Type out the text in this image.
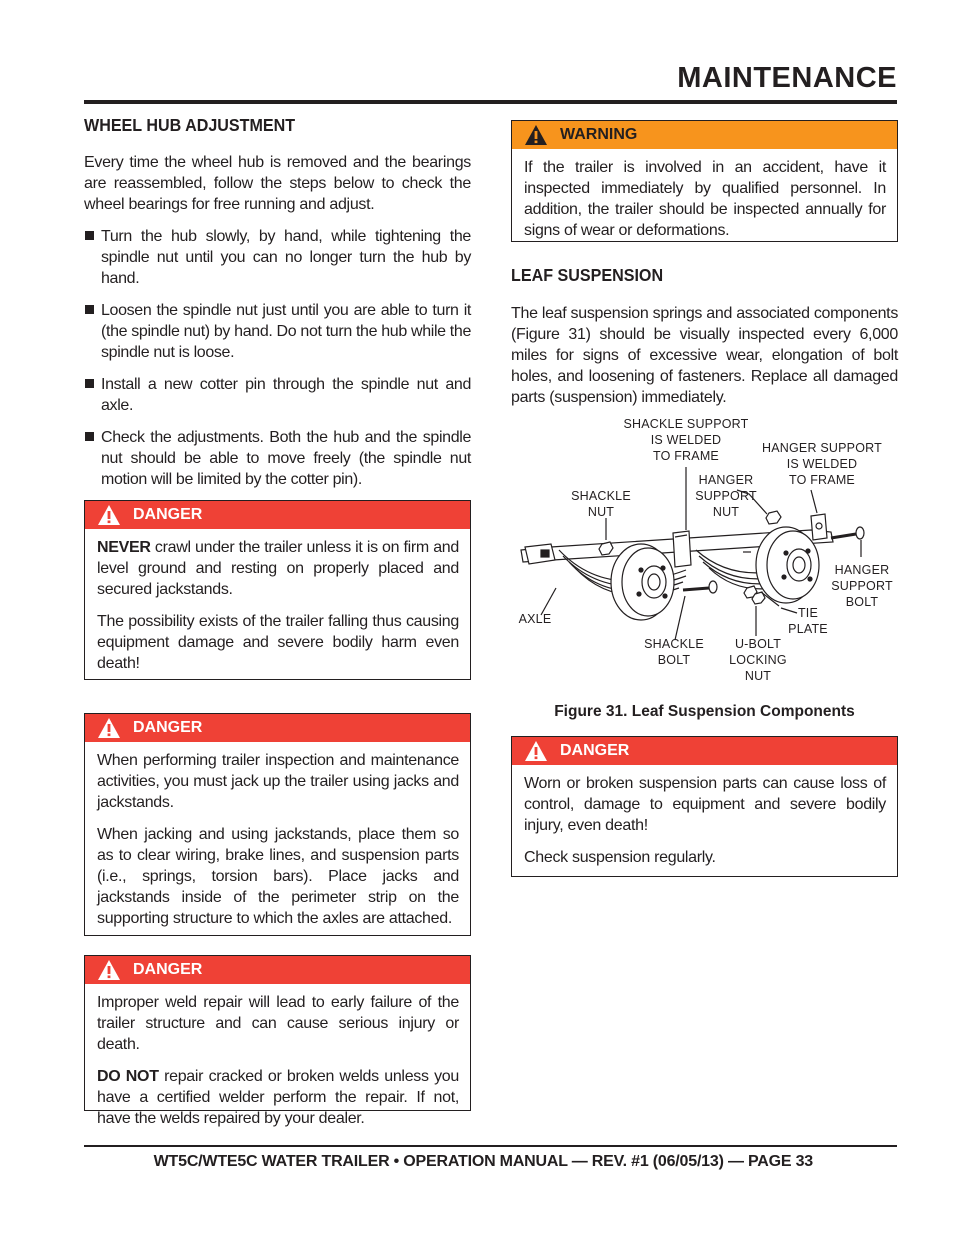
MAINTENANCE
WHEEL HUB ADJUSTMENT

Every time the wheel hub is removed and the bearings are reassembled, follow the steps below to check the wheel bearings for free running and adjust.

Turn the hub slowly, by hand, while tightening the spindle nut until you can no longer turn the hub by hand.
Loosen the spindle nut just until you are able to turn it (the spindle nut) by hand. Do not turn the hub while the spindle nut is loose.
Install a new cotter pin through the spindle nut and axle.
Check the adjustments. Both the hub and the spindle nut should be able to move freely (the spindle nut motion will be limited by the cotter pin).
DANGER

NEVER crawl under the trailer unless it is on firm and level ground and resting on properly placed and secured jackstands.

The possibility exists of the trailer falling thus causing equipment damage and severe bodily harm even death!

DANGER

When performing trailer inspection and maintenance activities, you must jack up the trailer using jacks and jackstands.

When jacking and using jackstands, place them so as to clear wiring, brake lines, and suspension parts (i.e., springs, torsion bars). Place jacks and jackstands inside of the perimeter strip on the supporting structure to which the axles are attached.

DANGER

Improper weld repair will lead to early failure of the trailer structure and can cause serious injury or death.

DO NOT repair cracked or broken welds unless you have a certified welder perform the repair. If not, have the welds repaired by your dealer.

WARNING

If the trailer is involved in an accident, have it inspected immediately by qualified personnel. In addition, the trailer should be inspected annually for signs of wear or deformations.

LEAF SUSPENSION

The leaf suspension springs and associated components (Figure 31) should be visually inspected every 6,000 miles for signs of excessive wear, elongation of bolt holes, and loosening of fasteners. Replace all damaged parts (suspension) immediately.

SHACKLE SUPPORT
IS WELDED
TO FRAME
HANGER SUPPORT
IS WELDED
TO FRAME
HANGER
SUPPORT
NUT
SHACKLE
NUT
HANGER
SUPPORT
BOLT
AXLE	TIE
PLATE
SHACKLE
BOLT
U-BOLT
LOCKING
NUT
Figure 31. Leaf Suspension Components
DANGER

Worn or broken suspension parts can cause loss of control, damage to equipment and severe bodily injury, even death!

Check suspension regularly.

WT5C/WTE5C WATER TRAILER • OPERATION MANUAL — REV. #1 (06/05/13) — PAGE 33
